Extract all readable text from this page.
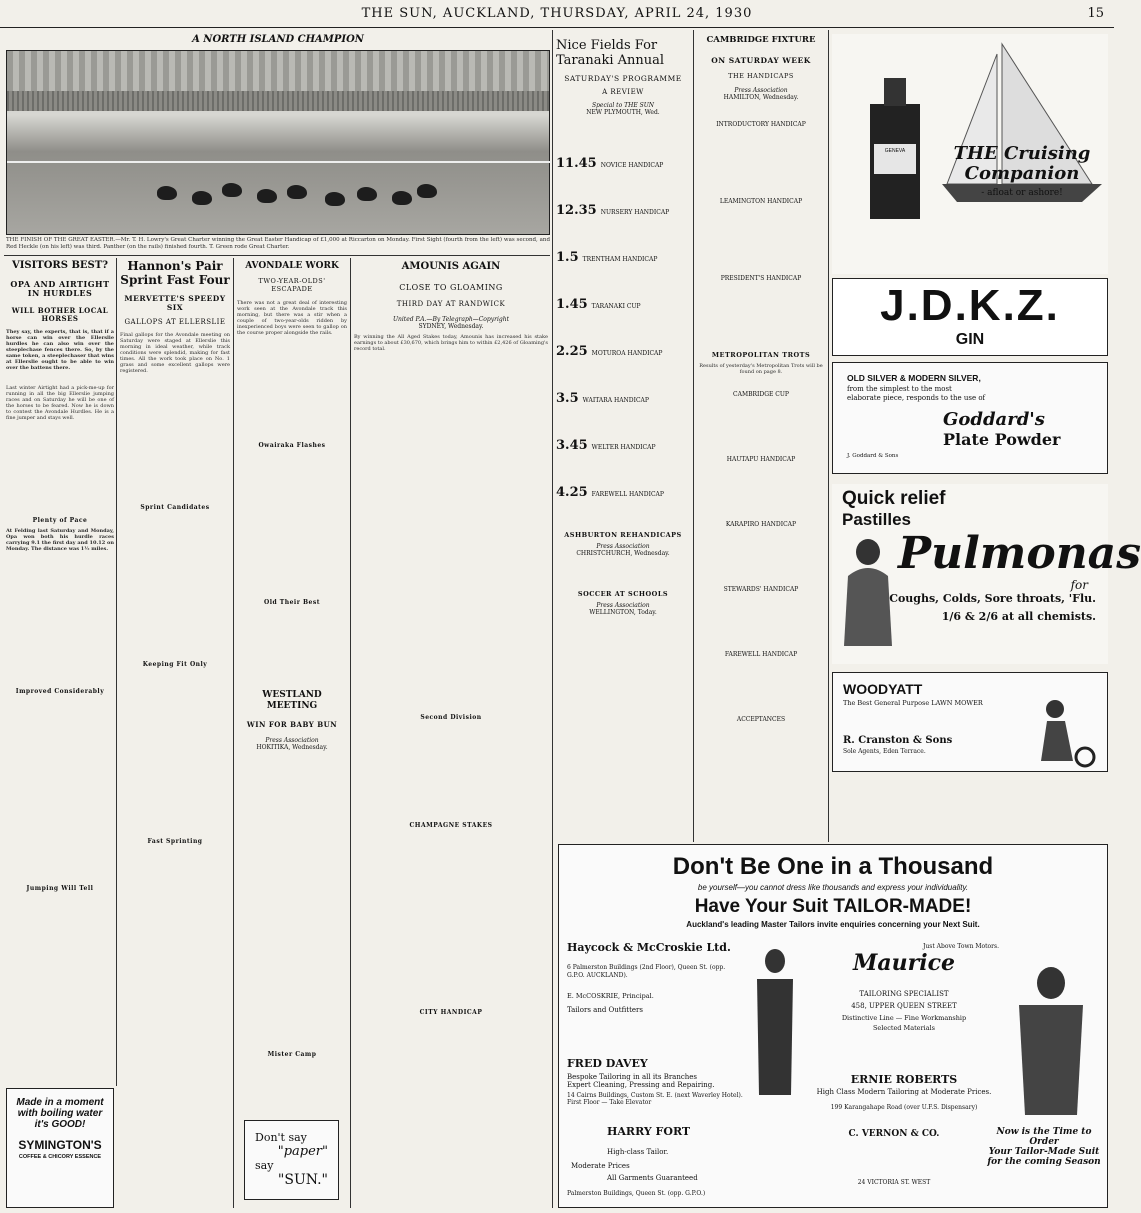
THE SUN, AUCKLAND, THURSDAY, APRIL 24, 1930	15
A NORTH ISLAND CHAMPION
THE FINISH OF THE GREAT EASTER.—Mr. T. H. Lowry's Great Charter winning the Great Easter Handicap of £1,000 at Riccarton on Monday. First Sight (fourth from the left) was second, and Red Heckle (on his left) was third. Panther (on the rails) finished fourth. T. Green rode Great Charter.
VISITORS BEST?
OPA AND AIRTIGHT IN HURDLES
WILL BOTHER LOCAL HORSES
They say, the experts, that is, that if a horse can win over the Ellerslie hurdles he can also win over the steeplechase fences there. So, by the same token, a steeplechaser that wins at Ellerslie ought to be able to win over the battens there.
Last winter Airtight had a pick-me-up for running in all the big Ellerslie jumping races and on Saturday he will be one of the horses to be feared. Now he is down to contest the Avondale Hurdles. He is a fine jumper and stays well.
Plenty of Pace
At Felding last Saturday and Monday, Opa won both his hurdle races carrying 9.1 the first day and 10.12 on Monday. The distance was 1½ miles.
Improved Considerably
Jumping Will Tell
Made in a moment
with boiling water
it's GOOD!
SYMINGTON'S
COFFEE & CHICORY ESSENCE
Hannon's Pair Sprint Fast Four
MERVETTE'S SPEEDY SIX
GALLOPS AT ELLERSLIE
Final gallops for the Avondale meeting on Saturday were staged at Ellerslie this morning in ideal weather, while track conditions were splendid, making for fast times. All the work took place on No. 1 grass and some excellent gallops were registered.
Sprint Candidates
Keeping Fit Only
Fast Sprinting
AVONDALE WORK
TWO-YEAR-OLDS' ESCAPADE
There was not a great deal of interesting work seen at the Avondale track this morning, but there was a stir when a couple of two-year-olds ridden by inexperienced boys were seen to gallop on the course proper alongside the rails.
Owairaka Flashes
Old Their Best
WESTLAND MEETING
WIN FOR BABY BUN
Press Association
HOKITIKA, Wednesday.
Mister Camp
Don't say
"paper"
say
"SUN."
AMOUNIS AGAIN
CLOSE TO GLOAMING
THIRD DAY AT RANDWICK
United P.A.—By Telegraph—Copyright
SYDNEY, Wednesday.
By winning the All Aged Stakes today, Amounis has increased his stake earnings to about £30,670, which brings him to within £2,426 of Gloaming's record total.
Second Division
CHAMPAGNE STAKES
CITY HANDICAP
Nice Fields For Taranaki Annual
SATURDAY'S PROGRAMME
A REVIEW
Special to THE SUN
NEW PLYMOUTH, Wed.
11.45 NOVICE HANDICAP
12.35 NURSERY HANDICAP
1.5 TRENTHAM HANDICAP
1.45 TARANAKI CUP
2.25 MOTUROA HANDICAP
3.5 WAITARA HANDICAP
3.45 WELTER HANDICAP
4.25 FAREWELL HANDICAP
ASHBURTON REHANDICAPS
Press Association
CHRISTCHURCH, Wednesday.
SOCCER AT SCHOOLS
Press Association
WELLINGTON, Today.
CAMBRIDGE FIXTURE
ON SATURDAY WEEK
THE HANDICAPS
Press Association
HAMILTON, Wednesday.
INTRODUCTORY HANDICAP
LEAMINGTON HANDICAP
PRESIDENT'S HANDICAP
METROPOLITAN TROTS
Results of yesterday's Metropolitan Trots will be found on page 8.
CAMBRIDGE CUP
HAUTAPU HANDICAP
KARAPIRO HANDICAP
STEWARDS' HANDICAP
FAREWELL HANDICAP
ACCEPTANCES
GENEVA	THE Cruising Companion
- afloat or ashore!
J.D.K.Z.
GIN
OLD SILVER & MODERN SILVER,
from the simplest to the most elaborate piece, responds to the use of
Goddard's
Plate Powder
J. Goddard & Sons
Quick relief
Pastilles
Pulmonas
for
Coughs, Colds, Sore throats, 'Flu.
1/6 & 2/6 at all chemists.
WOODYATT
The Best General Purpose LAWN MOWER
R. Cranston & Sons
Sole Agents, Eden Terrace.
Don't Be One in a Thousand
be yourself—you cannot dress like thousands and express your individuality.
Have Your Suit TAILOR-MADE!
Auckland's leading Master Tailors invite enquiries concerning your Next Suit.
Haycock & McCroskie Ltd.
6 Palmerston Buildings (2nd Floor), Queen St. (opp. G.P.O. AUCKLAND).
E. McCOSKRIE, Principal.
Tailors and Outfitters
FRED DAVEY
Bespoke Tailoring in all its Branches
Expert Cleaning, Pressing and Repairing.
14 Cairns Buildings, Custom St. E. (next Waverley Hotel).
First Floor — Take Elevator
HARRY FORT
High-class Tailor.
Moderate Prices
All Garments Guaranteed
Palmerston Buildings, Queen St. (opp. G.P.O.)
Just Above Town Motors.
Maurice
TAILORING SPECIALIST
458, UPPER QUEEN STREET
Distinctive Line — Fine Workmanship
Selected Materials
ERNIE ROBERTS
High Class Modern Tailoring at Moderate Prices.
199 Karangahape Road (over U.F.S. Dispensary)
C. VERNON & CO.
24 VICTORIA ST. WEST
Now is the Time to Order
Your Tailor-Made Suit
for the coming Season
